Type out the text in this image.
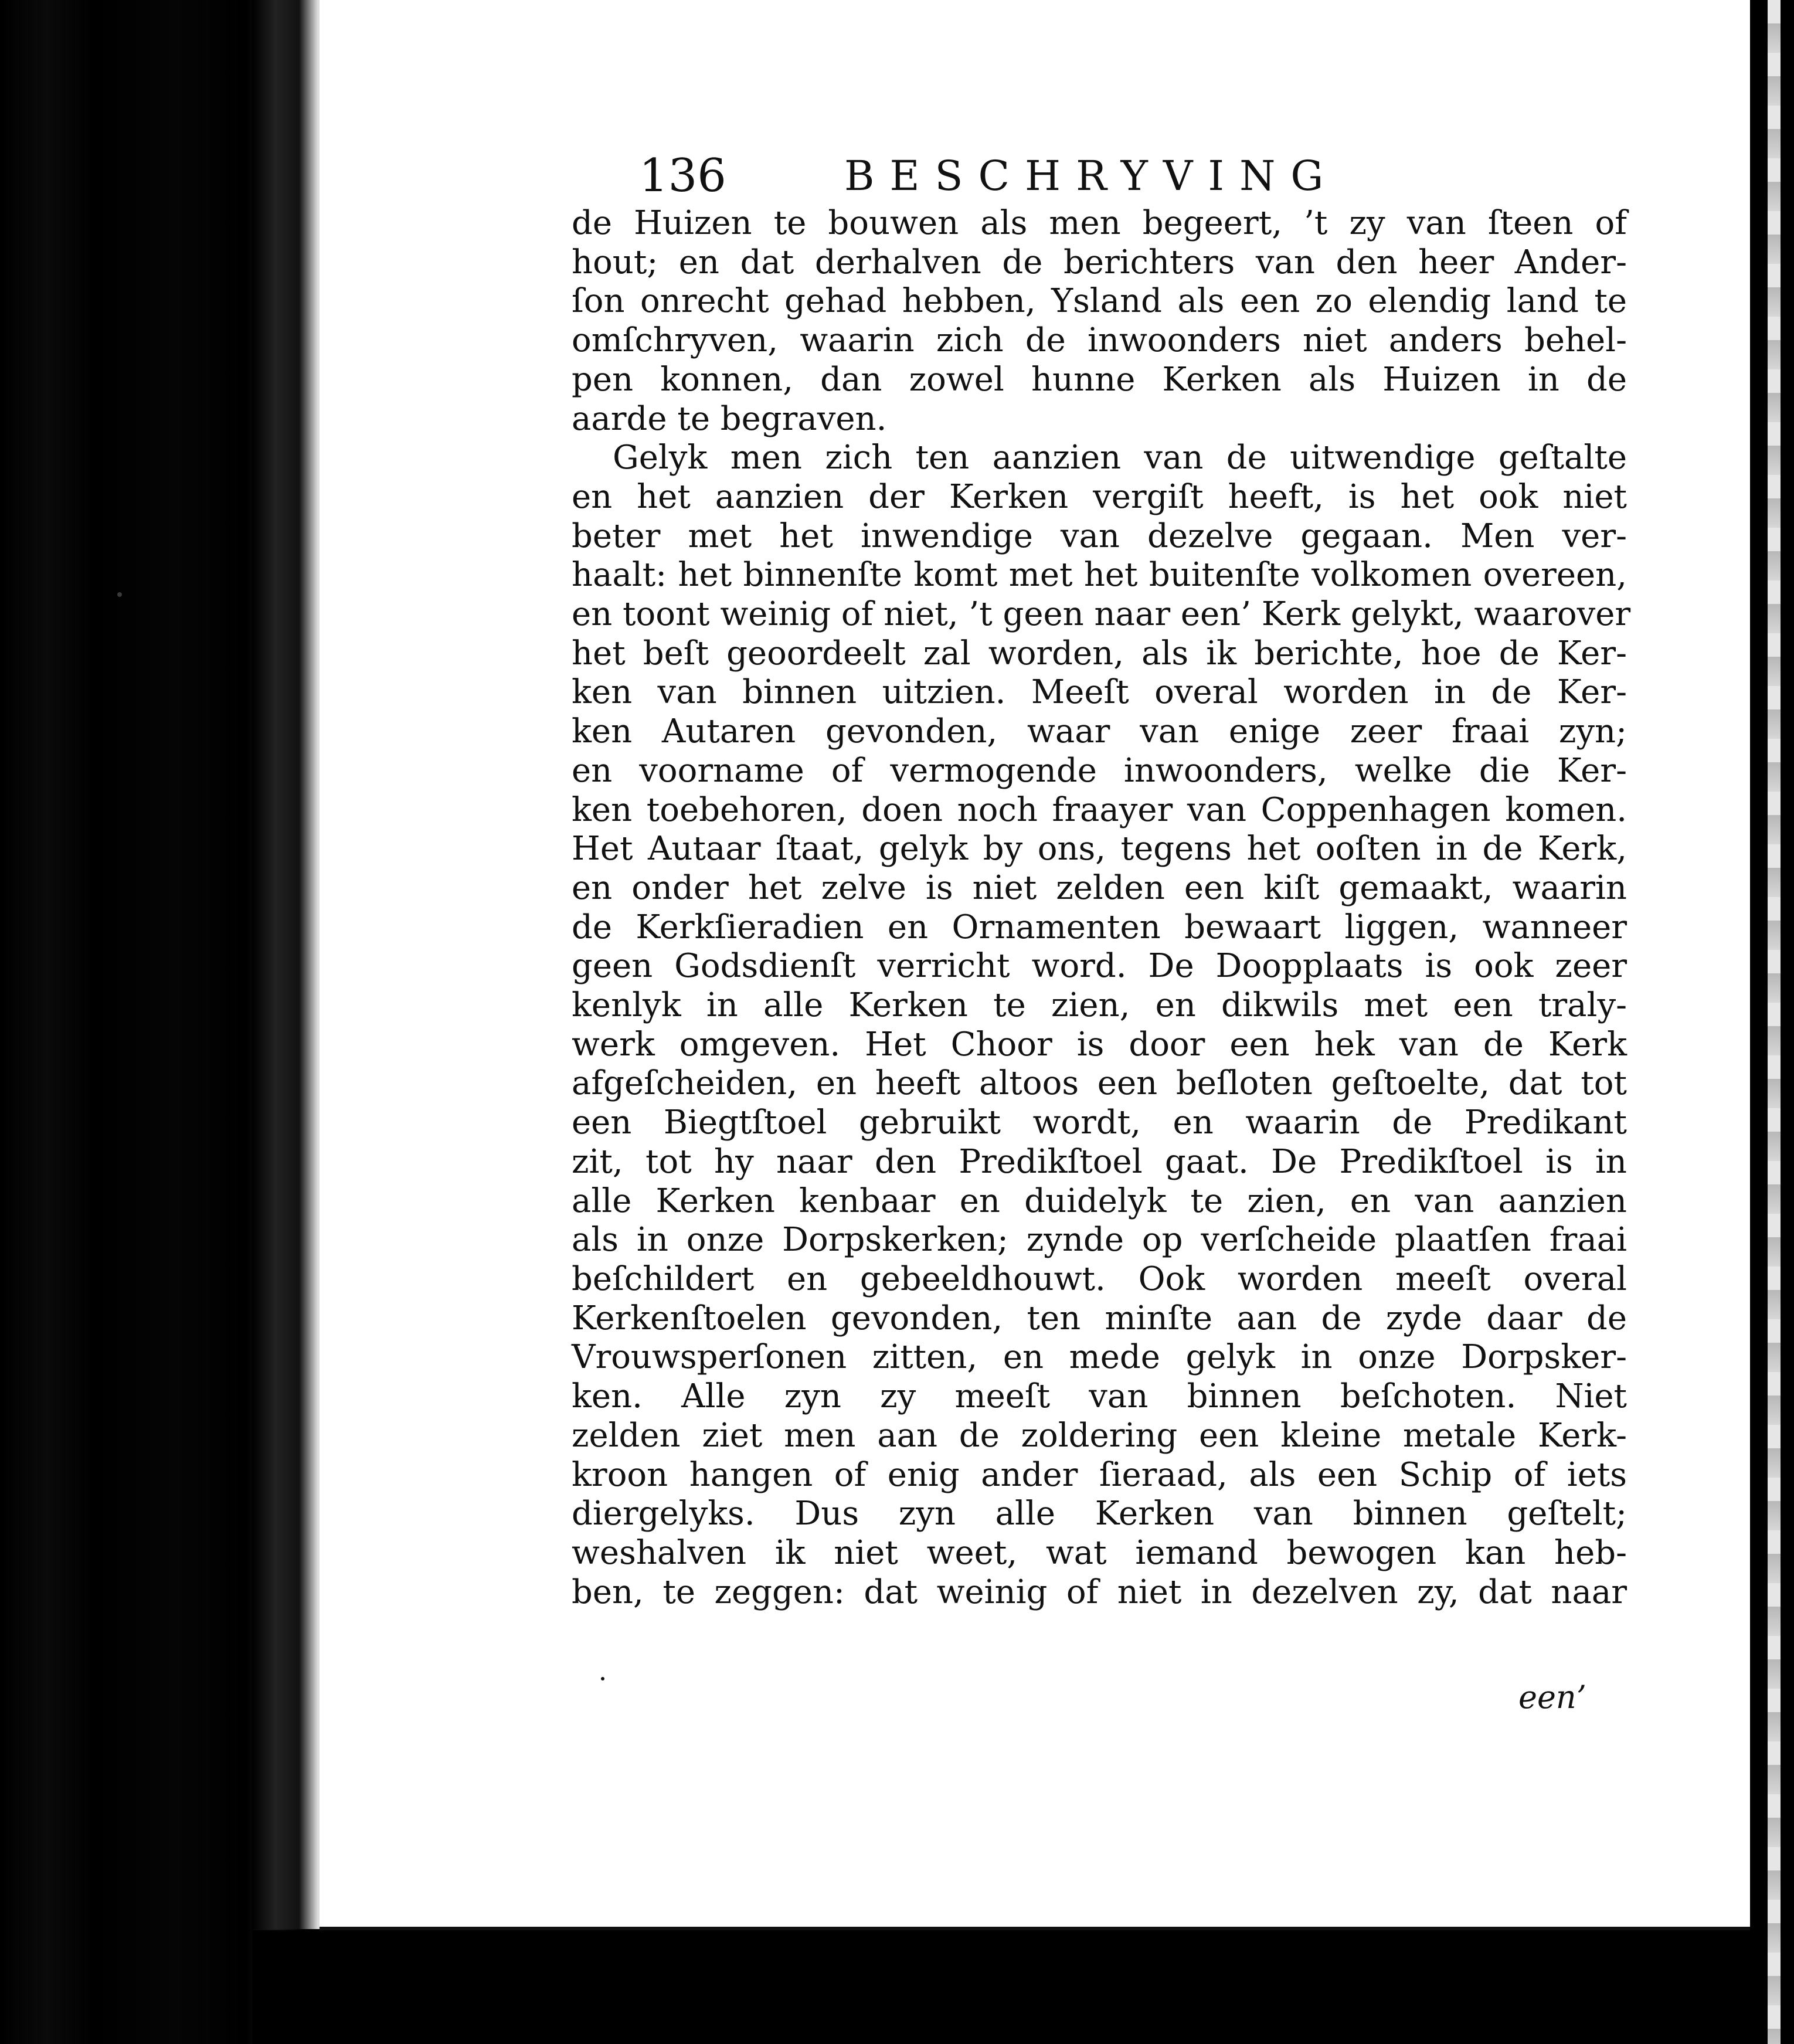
136	BESCHRYVING
de Huizen te bouwen als men begeert, ’t zy van ſteen of
hout; en dat derhalven de berichters van den heer Ander-
ſon onrecht gehad hebben, Ysland als een zo elendig land te
omſchryven, waarin zich de inwoonders niet anders behel-
pen konnen, dan zowel hunne Kerken als Huizen in de
aarde te begraven.
Gelyk men zich ten aanzien van de uitwendige geſtalte
en het aanzien der Kerken vergiſt heeft, is het ook niet
beter met het inwendige van dezelve gegaan. Men ver-
haalt: het binnenſte komt met het buitenſte volkomen overeen,
en toont weinig of niet, ’t geen naar een’ Kerk gelykt, waarover
het beſt geoordeelt zal worden, als ik berichte, hoe de Ker-
ken van binnen uitzien. Meeſt overal worden in de Ker-
ken Autaren gevonden, waar van enige zeer fraai zyn;
en voorname of vermogende inwoonders, welke die Ker-
ken toebehoren, doen noch fraayer van Coppenhagen komen.
Het Autaar ſtaat, gelyk by ons, tegens het ooſten in de Kerk,
en onder het zelve is niet zelden een kiſt gemaakt, waarin
de Kerkſieradien en Ornamenten bewaart liggen, wanneer
geen Godsdienſt verricht word. De Doopplaats is ook zeer
kenlyk in alle Kerken te zien, en dikwils met een traly-
werk omgeven. Het Choor is door een hek van de Kerk
afgeſcheiden, en heeft altoos een beſloten geſtoelte, dat tot
een Biegtſtoel gebruikt wordt, en waarin de Predikant
zit, tot hy naar den Predikſtoel gaat. De Predikſtoel is in
alle Kerken kenbaar en duidelyk te zien, en van aanzien
als in onze Dorpskerken; zynde op verſcheide plaatſen fraai
beſchildert en gebeeldhouwt. Ook worden meeſt overal
Kerkenſtoelen gevonden, ten minſte aan de zyde daar de
Vrouwsperſonen zitten, en mede gelyk in onze Dorpsker-
ken. Alle zyn zy meeſt van binnen beſchoten. Niet
zelden ziet men aan de zoldering een kleine metale Kerk-
kroon hangen of enig ander ſieraad, als een Schip of iets
diergelyks. Dus zyn alle Kerken van binnen geſtelt;
weshalven ik niet weet, wat iemand bewogen kan heb-
ben, te zeggen: dat weinig of niet in dezelven zy, dat naar
een’
